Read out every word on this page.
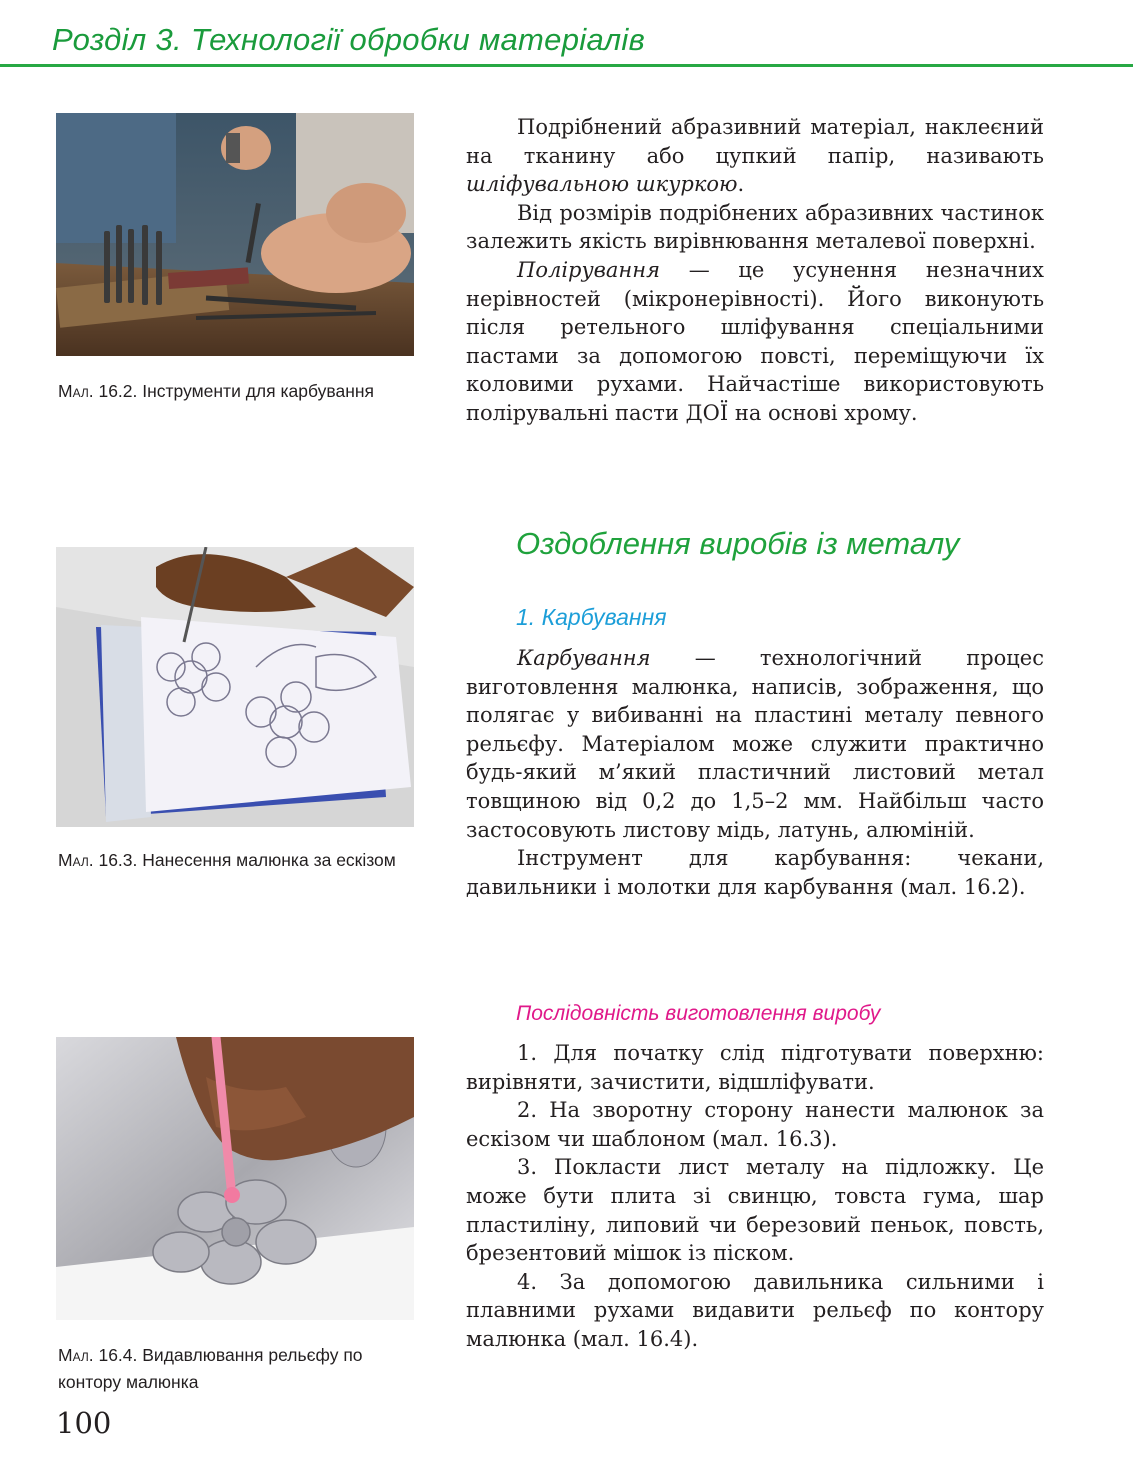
Розділ 3. Технології обробки матеріалів
Мал. 16.2. Інструменти для карбування
Мал. 16.3. Нанесення малюнка за ескізом
Мал. 16.4. Видавлювання рельєфу по контору малюнка

Подрібнений абразивний матеріал, наклеєний на тканину або цупкий папір, називають шліфувальною шкуркою.

Від розмірів подрібнених абразивних частинок залежить якість вирівнювання металевої поверхні.

Полірування — це усунення незначних нерівностей (мікронерівності). Його виконують після ретельного шліфування спеціальними пастами за допомогою повсті, переміщуючи їх коловими рухами. Найчастіше використовують полірувальні пасти ДОЇ на основі хрому.

Оздоблення виробів із металу
1. Карбування

Карбування — технологічний процес виготовлення малюнка, написів, зображення, що полягає у вибиванні на пластині металу певного рельєфу. Матеріалом може служити практично будь-який м’який пластичний листовий метал товщиною від 0,2 до 1,5–2 мм. Найбільш часто застосовують листову мідь, латунь, алюміній.

Інструмент для карбування: чекани, давильники і молотки для карбування (мал. 16.2).

Послідовність виготовлення виробу

1. Для початку слід підготувати поверхню: вирівняти, зачистити, відшліфувати.

2. На зворотну сторону нанести малюнок за ескізом чи шаблоном (мал. 16.3).

3. Покласти лист металу на підложку. Це може бути плита зі свинцю, товста гума, шар пластиліну, липовий чи березовий пеньок, повсть, брезентовий мішок із піском.

4. За допомогою давильника сильними і плавними рухами видавити рельєф по контору малюнка (мал. 16.4).

100
